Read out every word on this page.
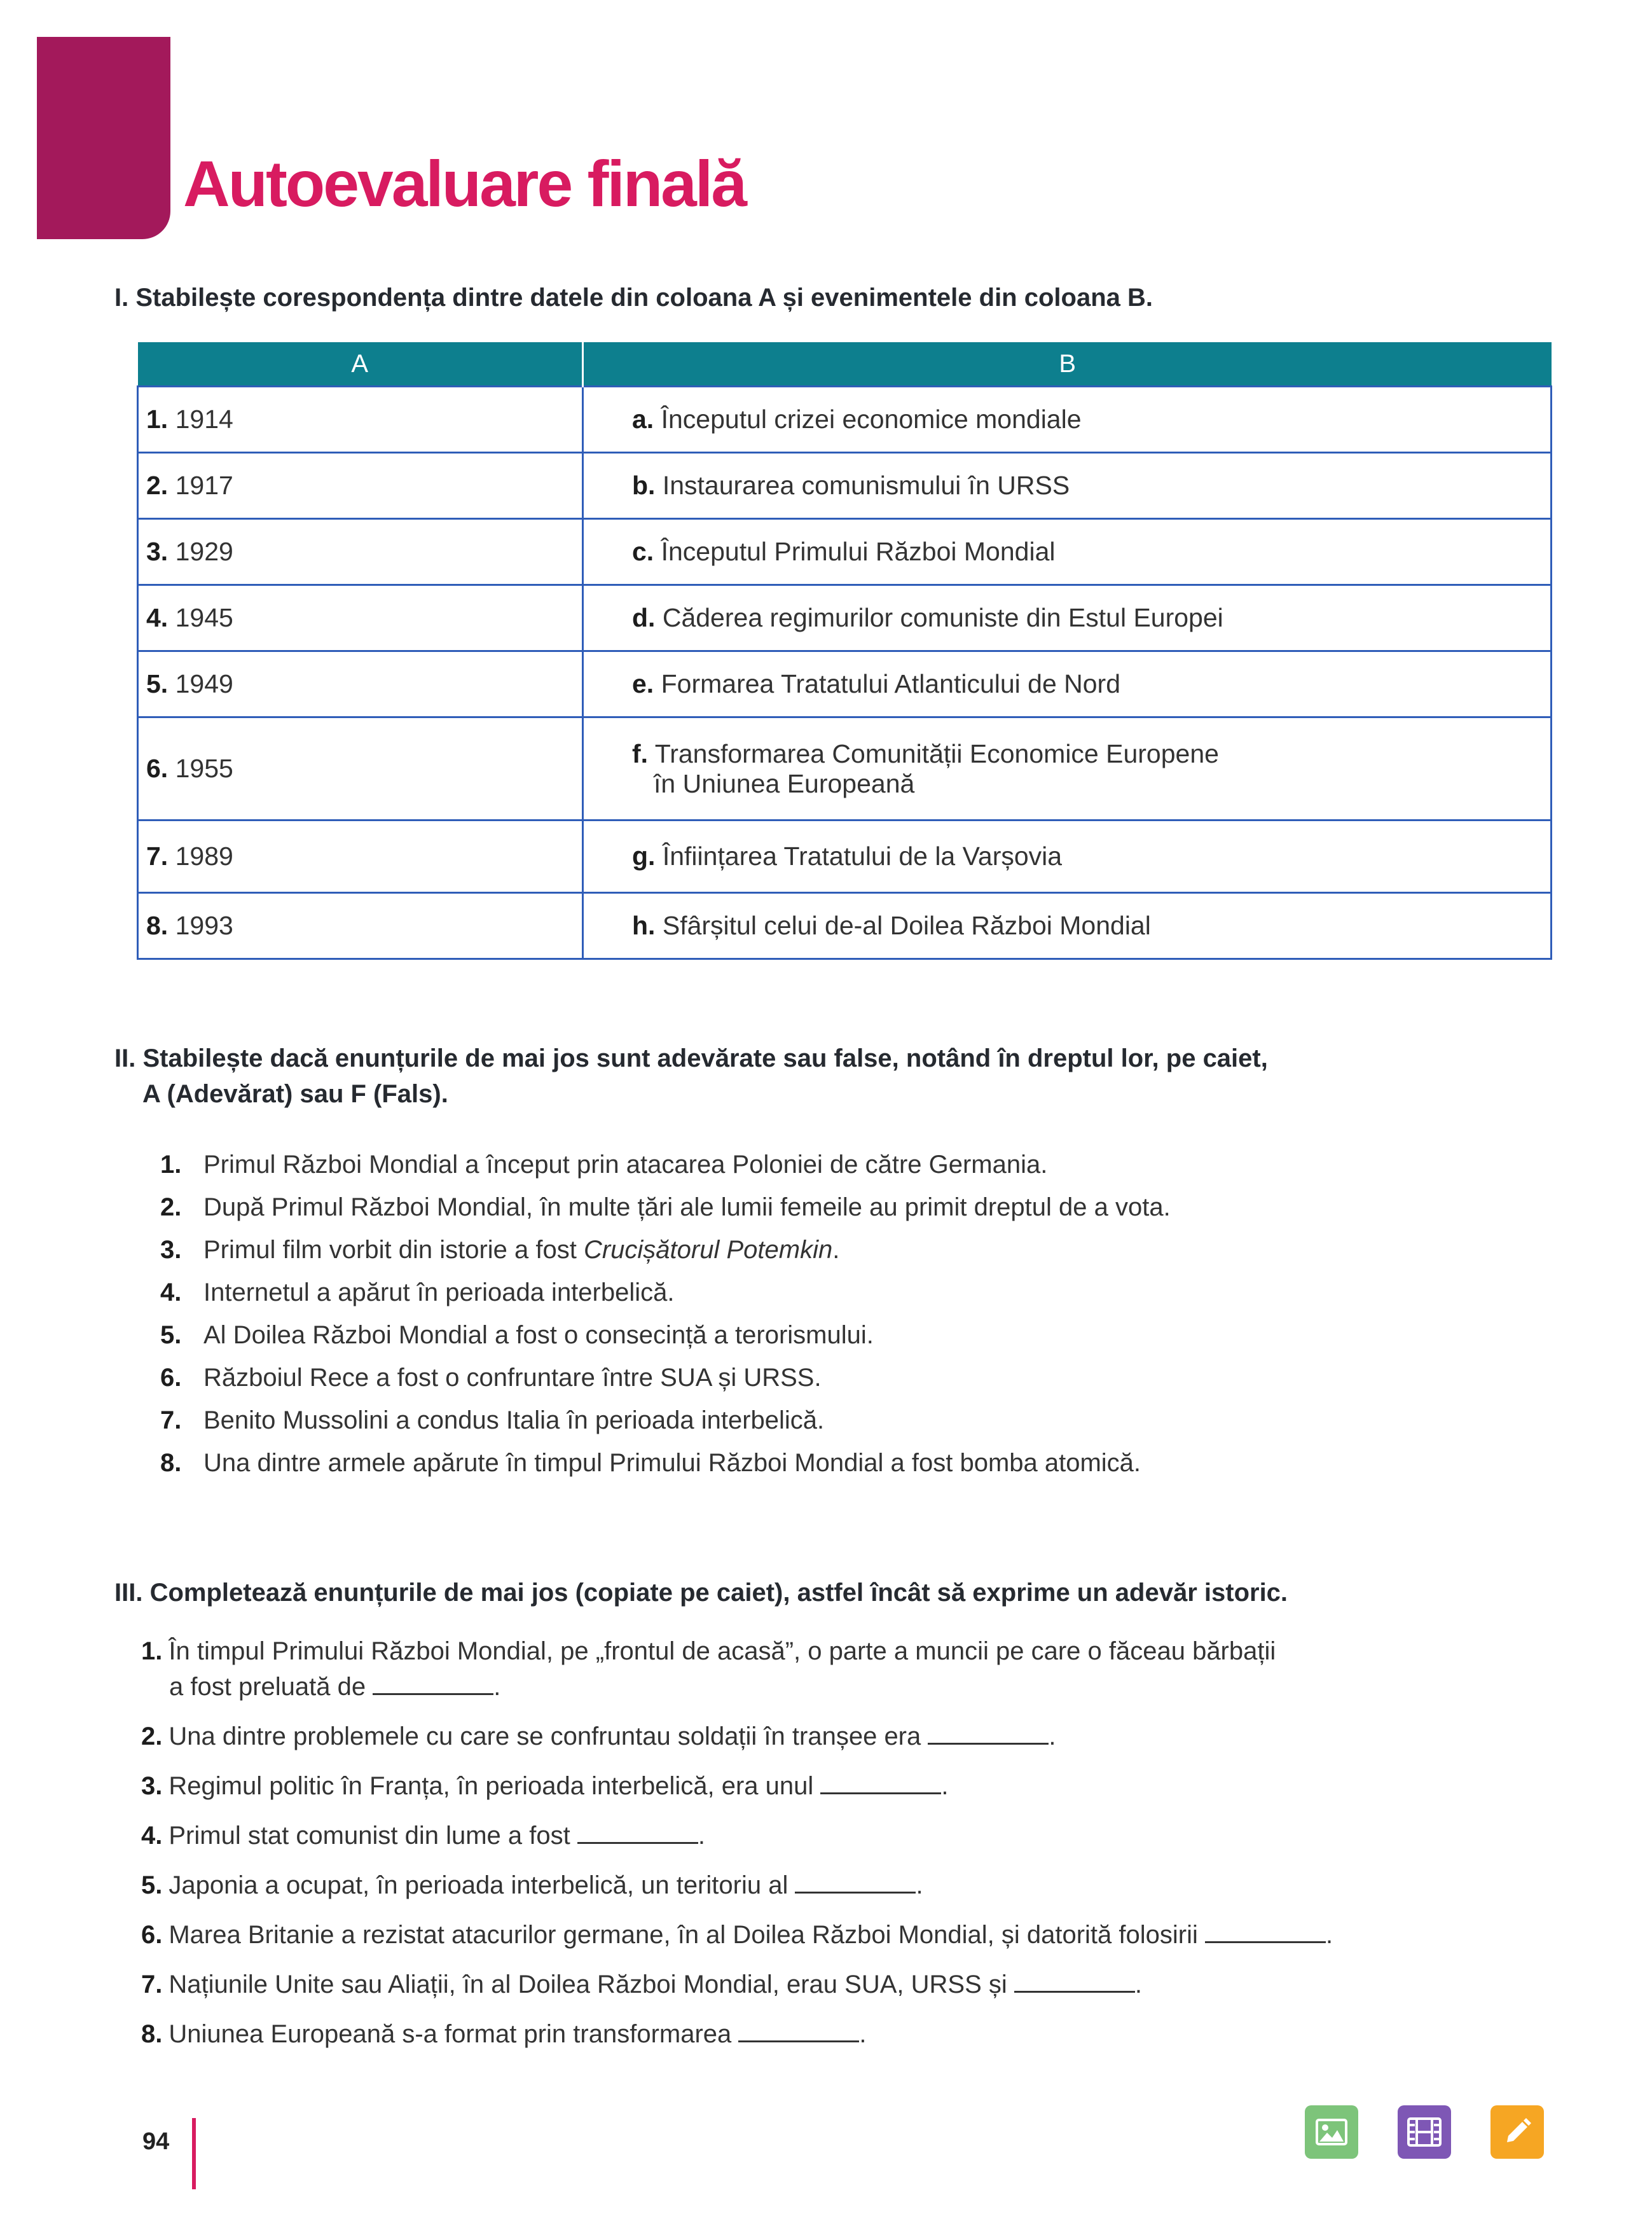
Autoevaluare finală

I. Stabilește corespondența dintre datele din coloana A și evenimentele din coloana B.

A	B
1. 1914	a. Începutul crizei economice mondiale
2. 1917	b. Instaurarea comunismului în URSS
3. 1929	c. Începutul Primului Război Mondial
4. 1945	d. Căderea regimurilor comuniste din Estul Europei
5. 1949	e. Formarea Tratatului Atlanticului de Nord
6. 1955	f. Transformarea Comunității Economice Europene
în Uniunea Europeană

7. 1989	g. Înființarea Tratatului de la Varșovia
8. 1993	h. Sfârșitul celui de-al Doilea Război Mondial

II. Stabilește dacă enunțurile de mai jos sunt adevărate sau false, notând în dreptul lor, pe caiet,
A (Adevărat) sau F (Fals).

1. Primul Război Mondial a început prin atacarea Poloniei de către Germania.
2. După Primul Război Mondial, în multe țări ale lumii femeile au primit dreptul de a vota.
3. Primul film vorbit din istorie a fost Crucișătorul Potemkin.
4. Internetul a apărut în perioada interbelică.
5. Al Doilea Război Mondial a fost o consecință a terorismului.
6. Războiul Rece a fost o confruntare între SUA și URSS.
7. Benito Mussolini a condus Italia în perioada interbelică.
8. Una dintre armele apărute în timpul Primului Război Mondial a fost bomba atomică.

III. Completează enunțurile de mai jos (copiate pe caiet), astfel încât să exprime un adevăr istoric.

1. În timpul Primului Război Mondial, pe „frontul de acasă”, o parte a muncii pe care o făceau bărbații
a fost preluată de	.
2. Una dintre problemele cu care se confruntau soldații în tranșee era	.
3. Regimul politic în Franța, în perioada interbelică, era unul	.
4. Primul stat comunist din lume a fost	.
5. Japonia a ocupat, în perioada interbelică, un teritoriu al	.
6. Marea Britanie a rezistat atacurilor germane, în al Doilea Război Mondial, și datorită folosirii	.
7. Națiunile Unite sau Aliații, în al Doilea Război Mondial, erau SUA, URSS și	.
8. Uniunea Europeană s-a format prin transformarea	.
94
